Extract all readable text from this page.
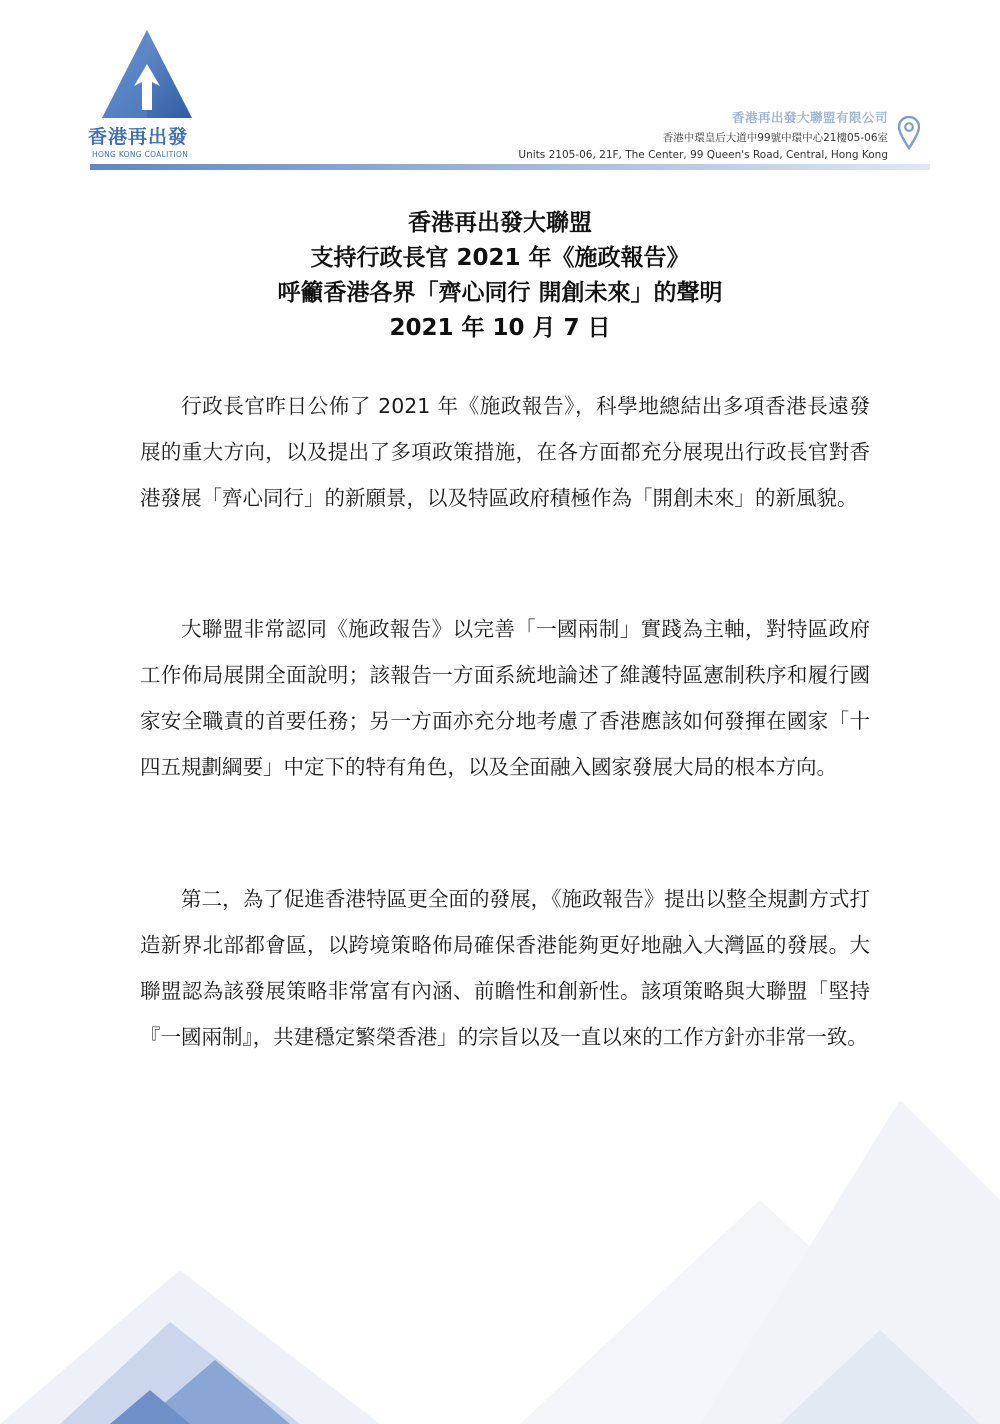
香港再出發
HONG KONG COALITION
香港再出發大聯盟有限公司
香港中環皇后大道中99號中環中心21樓05-06室
Units 2105-06, 21F, The Center, 99 Queen's Road, Central, Hong Kong
香港再出發大聯盟
支持行政長官 2021 年《施政報告》
呼籲香港各界「齊心同行 開創未來」的聲明
2021 年 10 月 7 日
行政長官昨日公佈了 2021 年《施政報告》，科學地總結出多項香港長遠發展的重大方向，以及提出了多項政策措施，在各方面都充分展現出行政長官對香港發展「齊心同行」的新願景，以及特區政府積極作為「開創未來」的新風貌。
大聯盟非常認同《施政報告》以完善「一國兩制」實踐為主軸，對特區政府工作佈局展開全面說明；該報告一方面系統地論述了維護特區憲制秩序和履行國家安全職責的首要任務；另一方面亦充分地考慮了香港應該如何發揮在國家「十四五規劃綱要」中定下的特有角色，以及全面融入國家發展大局的根本方向。
第二，為了促進香港特區更全面的發展，《施政報告》提出以整全規劃方式打造新界北部都會區，以跨境策略佈局確保香港能夠更好地融入大灣區的發展。大聯盟認為該發展策略非常富有內涵、前瞻性和創新性。該項策略與大聯盟「堅持『一國兩制』，共建穩定繁榮香港」的宗旨以及一直以來的工作方針亦非常一致。
